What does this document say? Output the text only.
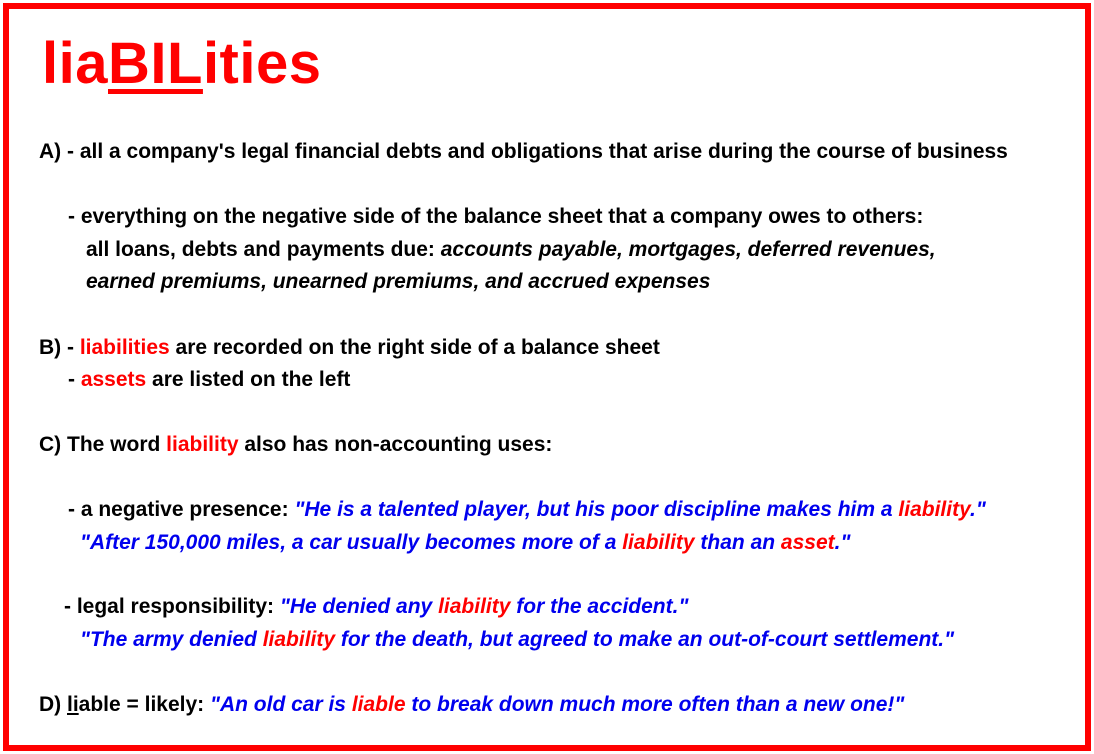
liaBILities
A) - all a company's legal financial debts and obligations that arise during the course of business
- everything on the negative side of the balance sheet that a company owes to others:
all loans, debts and payments due: accounts payable, mortgages, deferred revenues,
earned premiums, unearned premiums, and accrued expenses
B) - liabilities are recorded on the right side of a balance sheet
- assets are listed on the left
C) The word liability also has non-accounting uses:
- a negative presence: "He is a talented player, but his poor discipline makes him a liability."
"After 150,000 miles, a car usually becomes more of a liability than an asset."
- legal responsibility: "He denied any liability for the accident."
"The army denied liability for the death, but agreed to make an out-of-court settlement."
D) liable = likely: "An old car is liable to break down much more often than a new one!"
